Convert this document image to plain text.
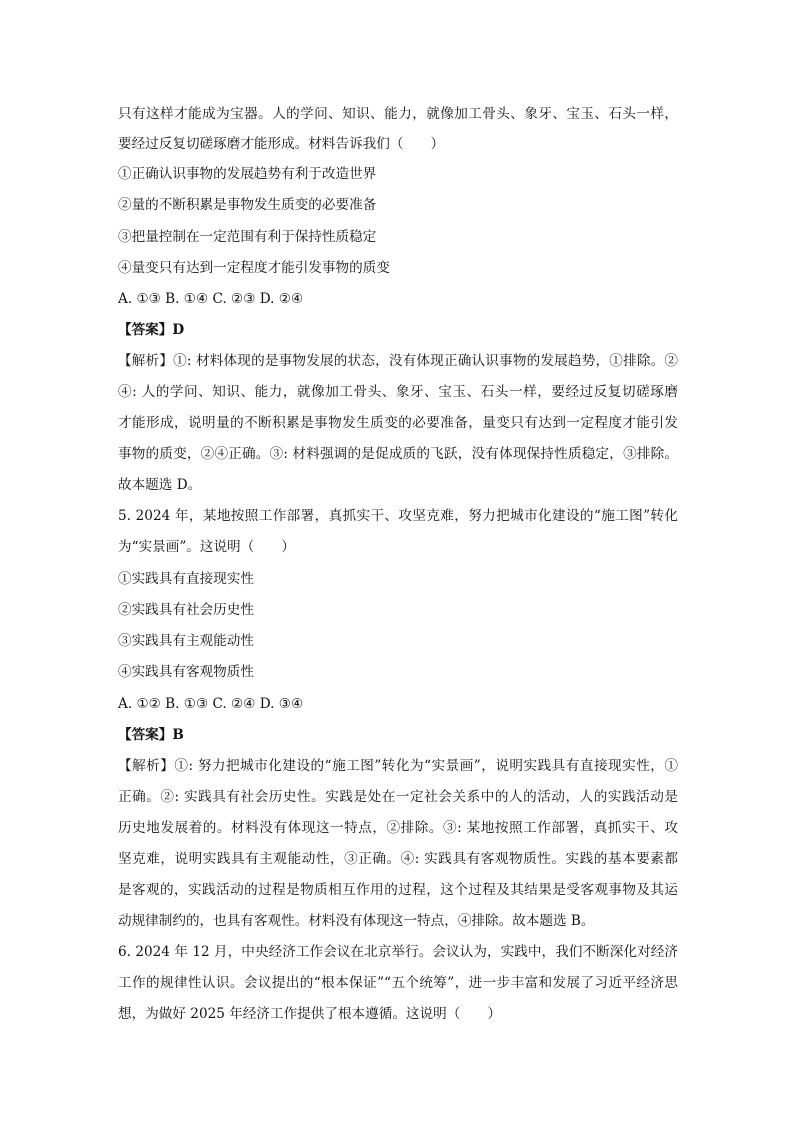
只有这样才能成为宝器。人的学问、知识、能力，就像加工骨头、象牙、宝玉、石头一样，
要经过反复切磋琢磨才能形成。材料告诉我们（　　）
①正确认识事物的发展趋势有利于改造世界
②量的不断积累是事物发生质变的必要准备
③把量控制在一定范围有利于保持性质稳定
④量变只有达到一定程度才能引发事物的质变
A. ①③ B. ①④ C. ②③ D. ②④
【答案】D
【解析】①: 材料体现的是事物发展的状态，没有体现正确认识事物的发展趋势，①排除。②
④: 人的学问、知识、能力，就像加工骨头、象牙、宝玉、石头一样，要经过反复切磋琢磨
才能形成，说明量的不断积累是事物发生质变的必要准备，量变只有达到一定程度才能引发
事物的质变，②④正确。③: 材料强调的是促成质的飞跃，没有体现保持性质稳定，③排除。
故本题选 D。
5. 2024 年，某地按照工作部署，真抓实干、攻坚克难，努力把城市化建设的“施工图”转化
为“实景画”。这说明（　　）
①实践具有直接现实性
②实践具有社会历史性
③实践具有主观能动性
④实践具有客观物质性
A. ①② B. ①③ C. ②④ D. ③④
【答案】B
【解析】①: 努力把城市化建设的“施工图”转化为“实景画”，说明实践具有直接现实性，①
正确。②: 实践具有社会历史性。实践是处在一定社会关系中的人的活动，人的实践活动是
历史地发展着的。材料没有体现这一特点，②排除。③: 某地按照工作部署，真抓实干、攻
坚克难，说明实践具有主观能动性，③正确。④: 实践具有客观物质性。实践的基本要素都
是客观的，实践活动的过程是物质相互作用的过程，这个过程及其结果是受客观事物及其运
动规律制约的，也具有客观性。材料没有体现这一特点，④排除。故本题选 B。
6. 2024 年 12 月，中央经济工作会议在北京举行。会议认为，实践中，我们不断深化对经济
工作的规律性认识。会议提出的“根本保证”“五个统筹”，进一步丰富和发展了习近平经济思
想，为做好 2025 年经济工作提供了根本遵循。这说明（　　）
